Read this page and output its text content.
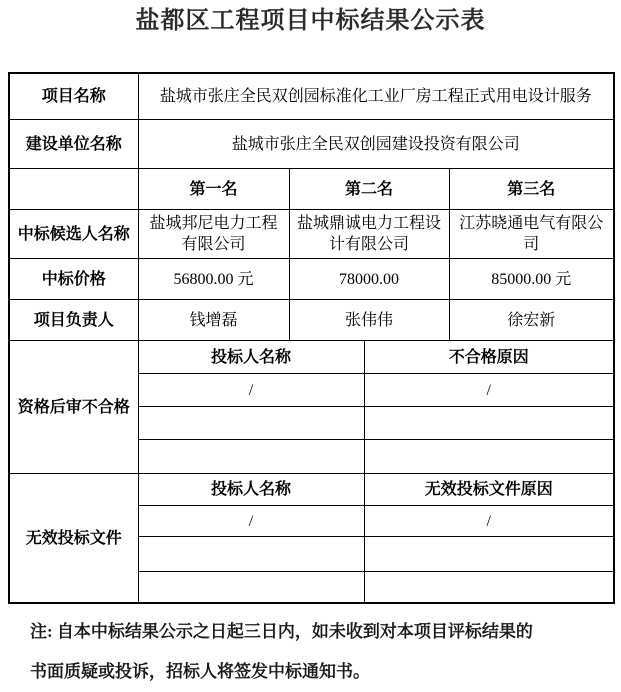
盐都区工程项目中标结果公示表
项目名称	盐城市张庄全民双创园标准化工业厂房工程正式用电设计服务			
建设单位名称	盐城市张庄全民双创园建设投资有限公司			
	第一名	第二名		第三名
中标候选人名称	盐城邦尼电力工程有限公司	盐城鼎诚电力工程设计有限公司		江苏晓通电气有限公司
中标价格	56800.00 元	78000.00		85000.00 元
项目负责人	钱增磊	张伟伟		徐宏新
资格后审不合格	投标人名称		不合格原因	
	/		/	

无效投标文件	投标人名称		无效投标文件原因	
	/		/	

注: 自本中标结果公示之日起三日内，如未收到对本项目评标结果的
书面质疑或投诉，招标人将签发中标通知书。
